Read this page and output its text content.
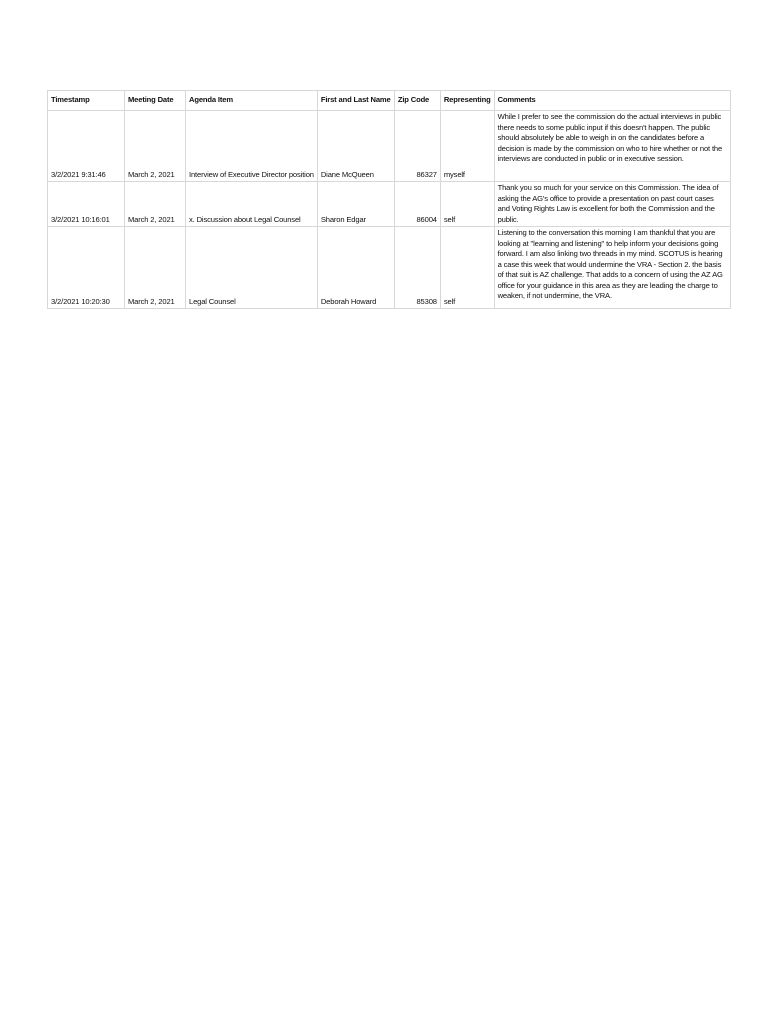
Timestamp	Meeting Date	Agenda Item	First and Last Name	Zip Code	Representing	Comments
3/2/2021 9:31:46	March 2, 2021	Interview of Executive Director position	Diane McQueen	86327	myself	While I prefer to see the commission do the actual interviews in public there needs to some public input if this doesn't happen. The public should absolutely be able to weigh in on the candidates before a decision is made by the commission on who to hire whether or not the interviews are conducted in public or in executive session.
3/2/2021 10:16:01	March 2, 2021	x. Discussion about Legal Counsel	Sharon Edgar	86004	self	Thank you so much for your service on this Commission. The idea of asking the AG's office to provide a presentation on past court cases and Voting Rights Law is excellent for both the Commission and the public.
3/2/2021 10:20:30	March 2, 2021	Legal Counsel	Deborah Howard	85308	self	Listening to the conversation this morning I am thankful that you are looking at "learning and listening" to help inform your decisions going forward. I am also linking two threads in my mind. SCOTUS is hearing a case this week that would undermine the VRA - Section 2. the basis of that suit is AZ challenge. That adds to a concern of using the AZ AG office for your guidance in this area as they are leading the charge to weaken, if not undermine, the VRA.
